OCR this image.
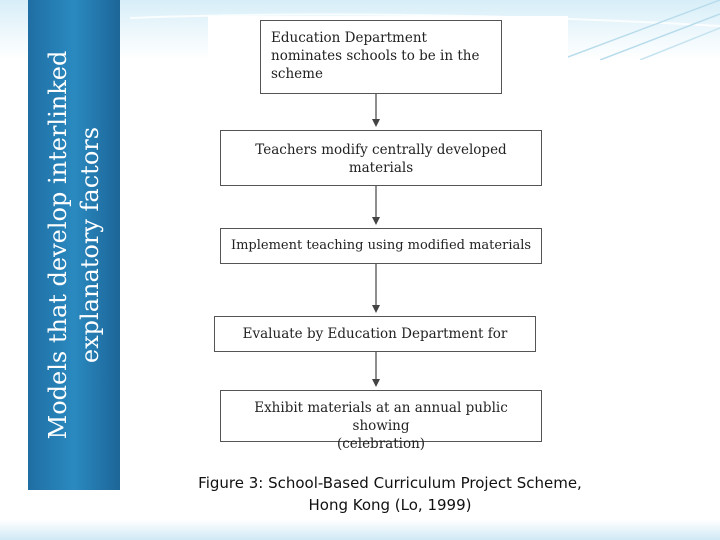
Models that develop interlinked explanatory factors
Education Department
nominates schools to be in the
scheme
Teachers modify centrally developed
materials
Implement teaching using modified materials
Evaluate by Education Department for
Exhibit materials at an annual public showing
(celebration)
Figure 3: School-Based Curriculum Project Scheme,
Hong Kong (Lo, 1999)
